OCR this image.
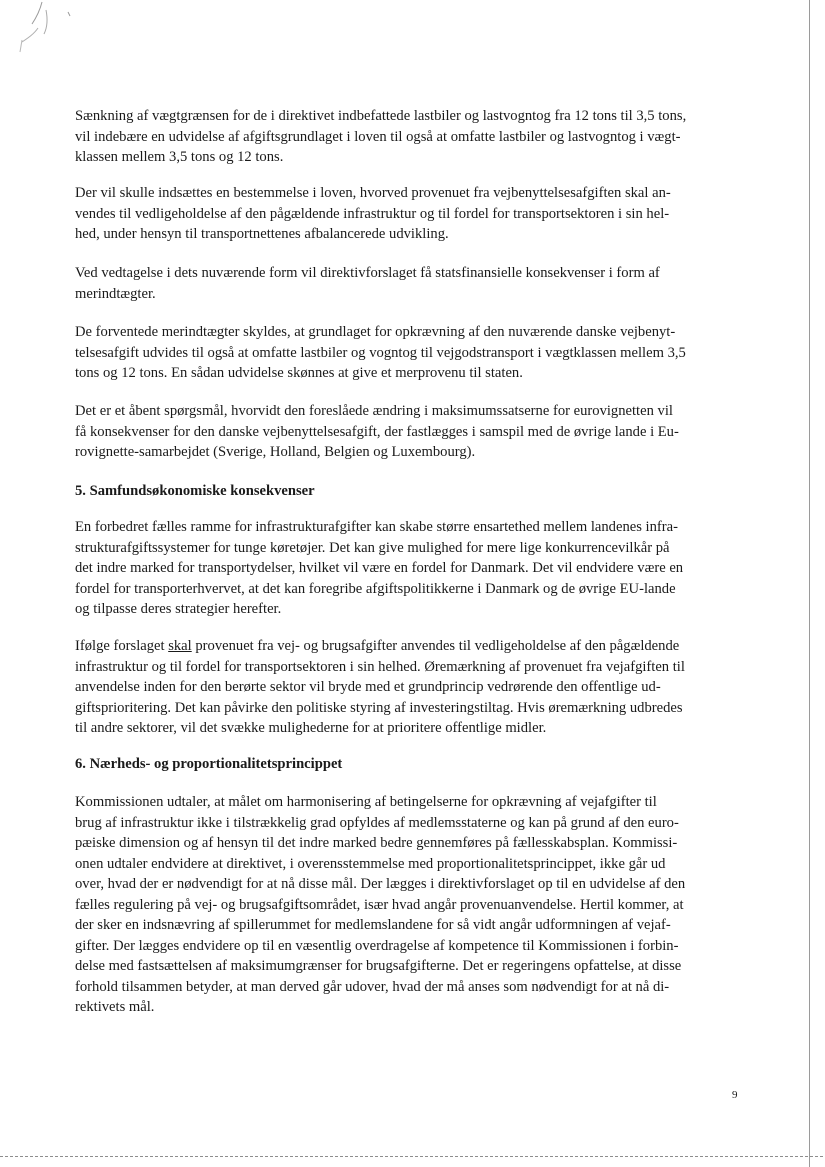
Sænkning af vægtgrænsen for de i direktivet indbefattede lastbiler og lastvogntog fra 12 tons til 3,5 tons,
vil indebære en udvidelse af afgiftsgrundlaget i loven til også at omfatte lastbiler og lastvogntog i vægt-
klassen mellem 3,5 tons og 12 tons.

Der vil skulle indsættes en bestemmelse i loven, hvorved provenuet fra vejbenyttelsesafgiften skal an-
vendes til vedligeholdelse af den pågældende infrastruktur og til fordel for transportsektoren i sin hel-
hed, under hensyn til transportnettenes afbalancerede udvikling.

Ved vedtagelse i dets nuværende form vil direktivforslaget få statsfinansielle konsekvenser i form af
merindtægter.

De forventede merindtægter skyldes, at grundlaget for opkrævning af den nuværende danske vejbenyt-
telsesafgift udvides til også at omfatte lastbiler og vogntog til vejgodstransport i vægtklassen mellem 3,5
tons og 12 tons. En sådan udvidelse skønnes at give et merprovenu til staten.

Det er et åbent spørgsmål, hvorvidt den foreslåede ændring i maksimumssatserne for eurovignetten vil
få konsekvenser for den danske vejbenyttelsesafgift, der fastlægges i samspil med de øvrige lande i Eu-
rovignette-samarbejdet (Sverige, Holland, Belgien og Luxembourg).

5. Samfundsøkonomiske konsekvenser

En forbedret fælles ramme for infrastrukturafgifter kan skabe større ensartethed mellem landenes infra-
strukturafgiftssystemer for tunge køretøjer. Det kan give mulighed for mere lige konkurrencevilkår på
det indre marked for transportydelser, hvilket vil være en fordel for Danmark. Det vil endvidere være en
fordel for transporterhvervet, at det kan foregribe afgiftspolitikkerne i Danmark og de øvrige EU-lande
og tilpasse deres strategier herefter.

Ifølge forslaget skal provenuet fra vej- og brugsafgifter anvendes til vedligeholdelse af den pågældende
infrastruktur og til fordel for transportsektoren i sin helhed. Øremærkning af provenuet fra vejafgiften til
anvendelse inden for den berørte sektor vil bryde med et grundprincip vedrørende den offentlige ud-
giftsprioritering. Det kan påvirke den politiske styring af investeringstiltag. Hvis øremærkning udbredes
til andre sektorer, vil det svække mulighederne for at prioritere offentlige midler.

6. Nærheds- og proportionalitetsprincippet

Kommissionen udtaler, at målet om harmonisering af betingelserne for opkrævning af vejafgifter til
brug af infrastruktur ikke i tilstrækkelig grad opfyldes af medlemsstaterne og kan på grund af den euro-
pæiske dimension og af hensyn til det indre marked bedre gennemføres på fællesskabsplan. Kommissi-
onen udtaler endvidere at direktivet, i overensstemmelse med proportionalitetsprincippet, ikke går ud
over, hvad der er nødvendigt for at nå disse mål. Der lægges i direktivforslaget op til en udvidelse af den
fælles regulering på vej- og brugsafgiftsområdet, især hvad angår provenuanvendelse. Hertil kommer, at
der sker en indsnævring af spillerummet for medlemslandene for så vidt angår udformningen af vejaf-
gifter. Der lægges endvidere op til en væsentlig overdragelse af kompetence til Kommissionen i forbin-
delse med fastsættelsen af maksimumgrænser for brugsafgifterne. Det er regeringens opfattelse, at disse
forhold tilsammen betyder, at man derved går udover, hvad der må anses som nødvendigt for at nå di-
rektivets mål.

9
